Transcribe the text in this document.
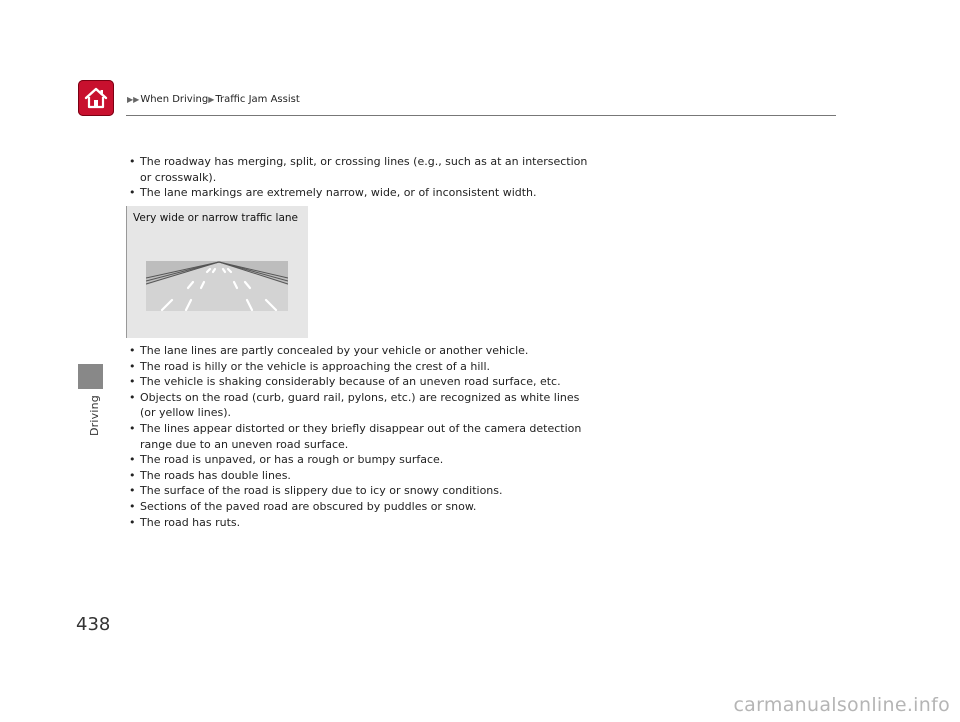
▶▶When Driving▶Traffic Jam Assist
• The roadway has merging, split, or crossing lines (e.g., such as at an intersection or crosswalk).
• The lane markings are extremely narrow, wide, or of inconsistent width.
Very wide or narrow traffic lane
• The lane lines are partly concealed by your vehicle or another vehicle.
• The road is hilly or the vehicle is approaching the crest of a hill.
• The vehicle is shaking considerably because of an uneven road surface, etc.
• Objects on the road (curb, guard rail, pylons, etc.) are recognized as white lines (or yellow lines).
• The lines appear distorted or they briefly disappear out of the camera detection range due to an uneven road surface.
• The road is unpaved, or has a rough or bumpy surface.
• The roads has double lines.
• The surface of the road is slippery due to icy or snowy conditions.
• Sections of the paved road are obscured by puddles or snow.
• The road has ruts.
Driving
438
carmanualsonline.info
